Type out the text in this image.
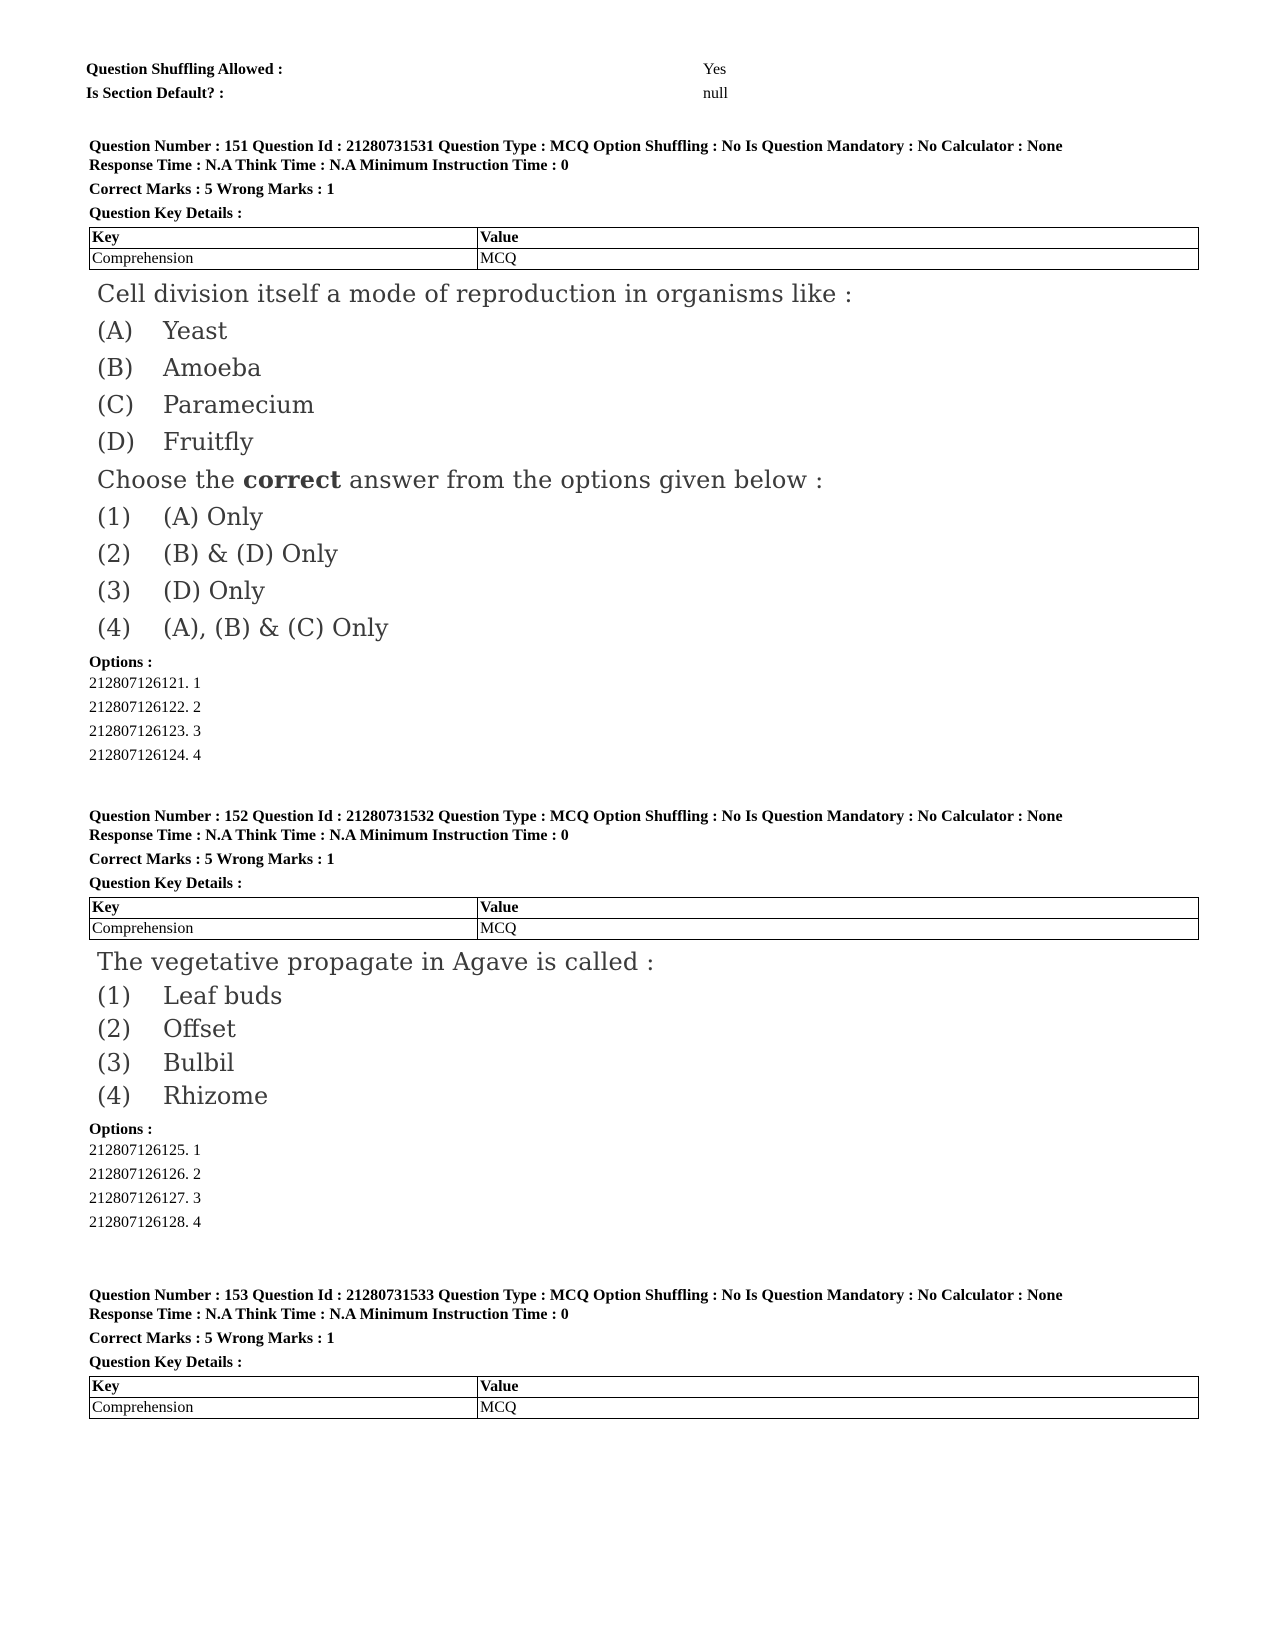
Question Shuffling Allowed :	Yes
Is Section Default? :	null
Question Number : 151 Question Id : 21280731531 Question Type : MCQ Option Shuffling : No Is Question Mandatory : No Calculator : None
Response Time : N.A Think Time : N.A Minimum Instruction Time : 0
Correct Marks : 5 Wrong Marks : 1
Question Key Details :
Key	Value
Comprehension	MCQ
Cell division itself a mode of reproduction in organisms like :
(A) Yeast
(B) Amoeba
(C) Paramecium
(D) Fruitfly
Choose the correct answer from the options given below :
(1) (A) Only
(2) (B) & (D) Only
(3) (D) Only
(4) (A), (B) & (C) Only
Options :
212807126121. 1
212807126122. 2
212807126123. 3
212807126124. 4
Question Number : 152 Question Id : 21280731532 Question Type : MCQ Option Shuffling : No Is Question Mandatory : No Calculator : None
Response Time : N.A Think Time : N.A Minimum Instruction Time : 0
Correct Marks : 5 Wrong Marks : 1
Question Key Details :
Key	Value
Comprehension	MCQ
The vegetative propagate in Agave is called :
(1) Leaf buds
(2) Offset
(3) Bulbil
(4) Rhizome
Options :
212807126125. 1
212807126126. 2
212807126127. 3
212807126128. 4
Question Number : 153 Question Id : 21280731533 Question Type : MCQ Option Shuffling : No Is Question Mandatory : No Calculator : None
Response Time : N.A Think Time : N.A Minimum Instruction Time : 0
Correct Marks : 5 Wrong Marks : 1
Question Key Details :
Key	Value
Comprehension	MCQ
